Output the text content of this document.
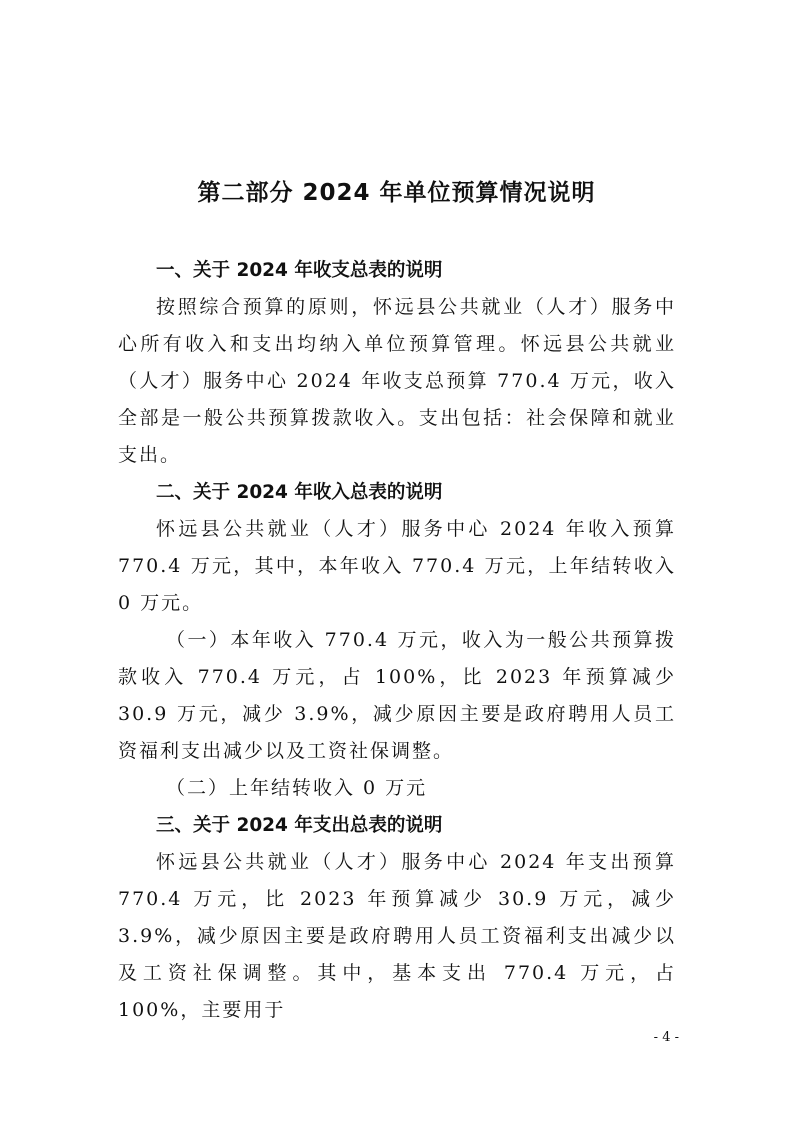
第二部分 2024 年单位预算情况说明

一、关于 2024 年收支总表的说明

按照综合预算的原则，怀远县公共就业（人才）服务中心所有收入和支出均纳入单位预算管理。怀远县公共就业（人才）服务中心 2024 年收支总预算 770.4 万元，收入全部是一般公共预算拨款收入。支出包括：社会保障和就业支出。

二、关于 2024 年收入总表的说明

怀远县公共就业（人才）服务中心 2024 年收入预算 770.4 万元，其中，本年收入 770.4 万元，上年结转收入 0 万元。

（一）本年收入 770.4 万元，收入为一般公共预算拨款收入 770.4 万元，占 100%，比 2023 年预算减少 30.9 万元，减少 3.9%，减少原因主要是政府聘用人员工资福利支出减少以及工资社保调整。

（二）上年结转收入 0 万元

三、关于 2024 年支出总表的说明

怀远县公共就业（人才）服务中心 2024 年支出预算 770.4 万元，比 2023 年预算减少 30.9 万元，减少 3.9%，减少原因主要是政府聘用人员工资福利支出减少以及工资社保调整。其中，基本支出 770.4 万元，占 100%，主要用于

- 4 -
